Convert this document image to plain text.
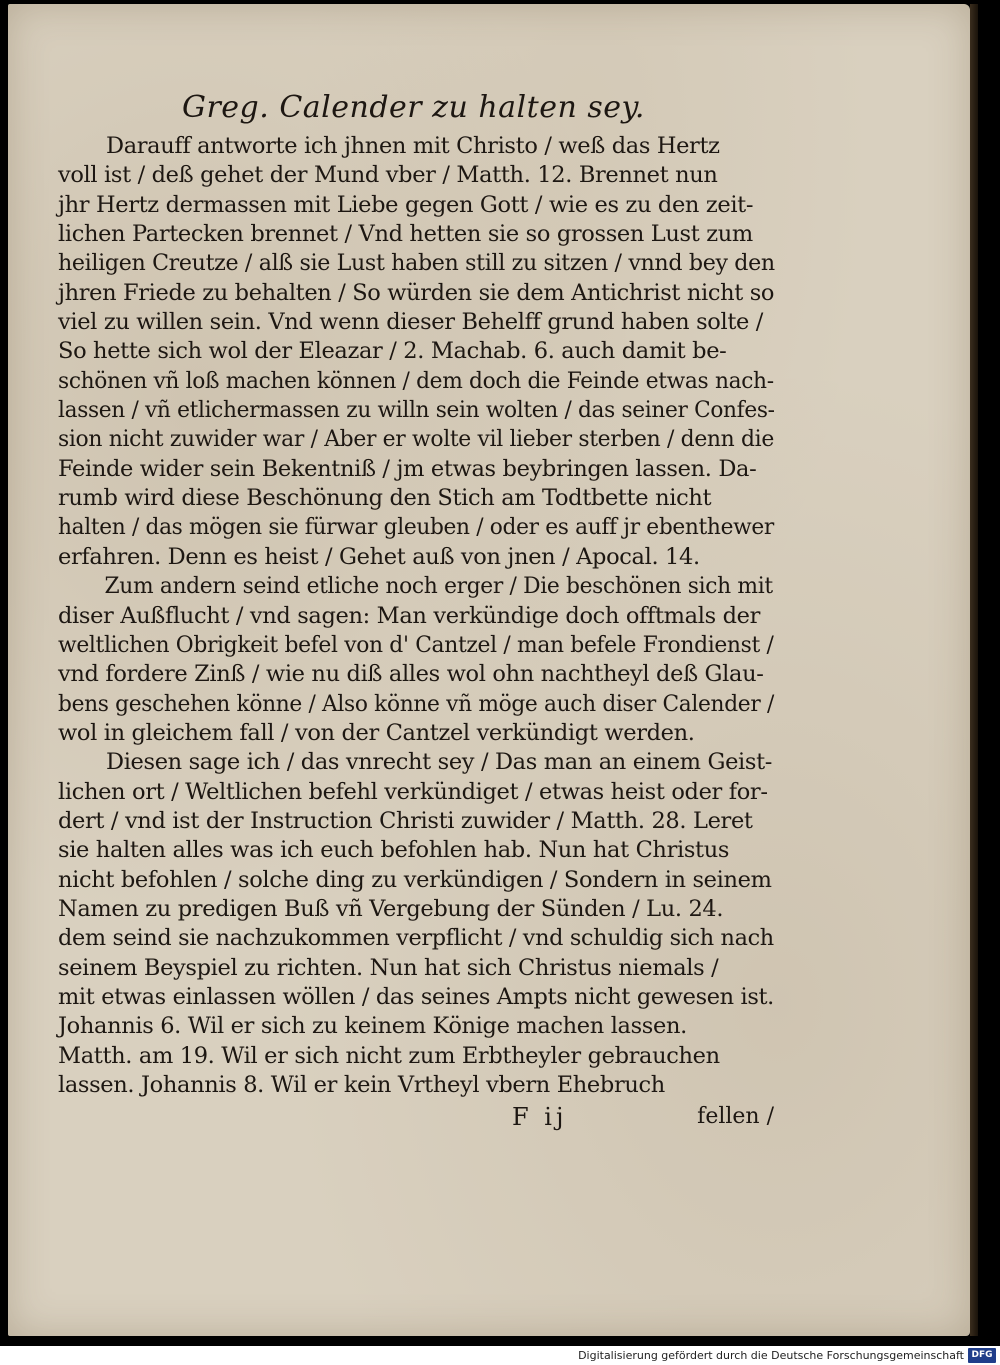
Greg. Calender zu halten sey.
Darauff antworte ich jhnen mit Christo / weß das Hertz
voll ist / deß gehet der Mund vber / Matth. 12. Brennet nun
jhr Hertz dermassen mit Liebe gegen Gott / wie es zu den zeit-
lichen Partecken brennet / Vnd hetten sie so grossen Lust zum
heiligen Creutze / alß sie Lust haben still zu sitzen / vnnd bey den
jhren Friede zu behalten / So würden sie dem Antichrist nicht so
viel zu willen sein. Vnd wenn dieser Behelff grund haben solte /
So hette sich wol der Eleazar / 2. Machab. 6. auch damit be-
schönen vñ loß machen können / dem doch die Feinde etwas nach-
lassen / vñ etlichermassen zu willn sein wolten / das seiner Confes-
sion nicht zuwider war / Aber er wolte vil lieber sterben / denn die
Feinde wider sein Bekentniß / jm etwas beybringen lassen. Da-
rumb wird diese Beschönung den Stich am Todtbette nicht
halten / das mögen sie fürwar gleuben / oder es auff jr ebenthewer
erfahren. Denn es heist / Gehet auß von jnen / Apocal. 14.
Zum andern seind etliche noch erger / Die beschönen sich mit
diser Außflucht / vnd sagen: Man verkündige doch offtmals der
weltlichen Obrigkeit befel von d' Cantzel / man befele Frondienst /
vnd fordere Zinß / wie nu diß alles wol ohn nachtheyl deß Glau-
bens geschehen könne / Also könne vñ möge auch diser Calender /
wol in gleichem fall / von der Cantzel verkündigt werden.
Diesen sage ich / das vnrecht sey / Das man an einem Geist-
lichen ort / Weltlichen befehl verkündiget / etwas heist oder for-
dert / vnd ist der Instruction Christi zuwider / Matth. 28. Leret
sie halten alles was ich euch befohlen hab. Nun hat Christus
nicht befohlen / solche ding zu verkündigen / Sondern in seinem
Namen zu predigen Buß vñ Vergebung der Sünden / Lu. 24.
dem seind sie nachzukommen verpflicht / vnd schuldig sich nach
seinem Beyspiel zu richten. Nun hat sich Christus niemals /
mit etwas einlassen wöllen / das seines Ampts nicht gewesen ist.
Johannis 6. Wil er sich zu keinem Könige machen lassen.
Matth. am 19. Wil er sich nicht zum Erbtheyler gebrauchen
lassen. Johannis 8. Wil er kein Vrtheyl vbern Ehebruch
F ij	fellen /
Digitalisierung gefördert durch die Deutsche Forschungsgemeinschaft DFG
